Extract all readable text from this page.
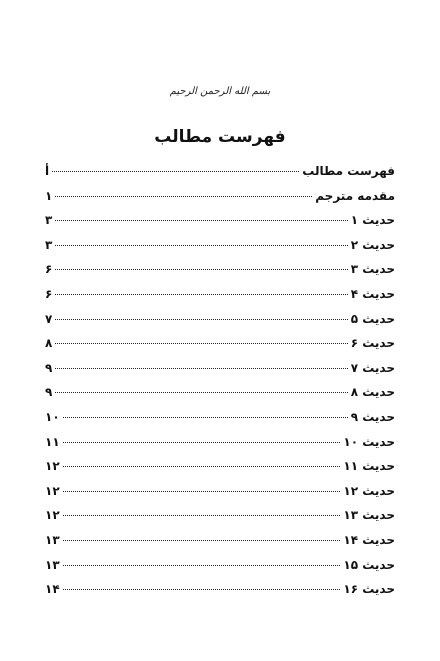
بسم الله الرحمن الرحیم
فهرست مطالب
فهرست مطالب
أ
مقدمه مترجم
۱
حدیث ۱
۳
حدیث ۲
۳
حدیث ۳
۶
حدیث ۴
۶
حدیث ۵
۷
حدیث ۶
۸
حدیث ۷
۹
حدیث ۸
۹
حدیث ۹
۱۰
حدیث ۱۰
۱۱
حدیث ۱۱
۱۲
حدیث ۱۲
۱۲
حدیث ۱۳
۱۲
حدیث ۱۴
۱۳
حدیث ۱۵
۱۳
حدیث ۱۶
۱۴
